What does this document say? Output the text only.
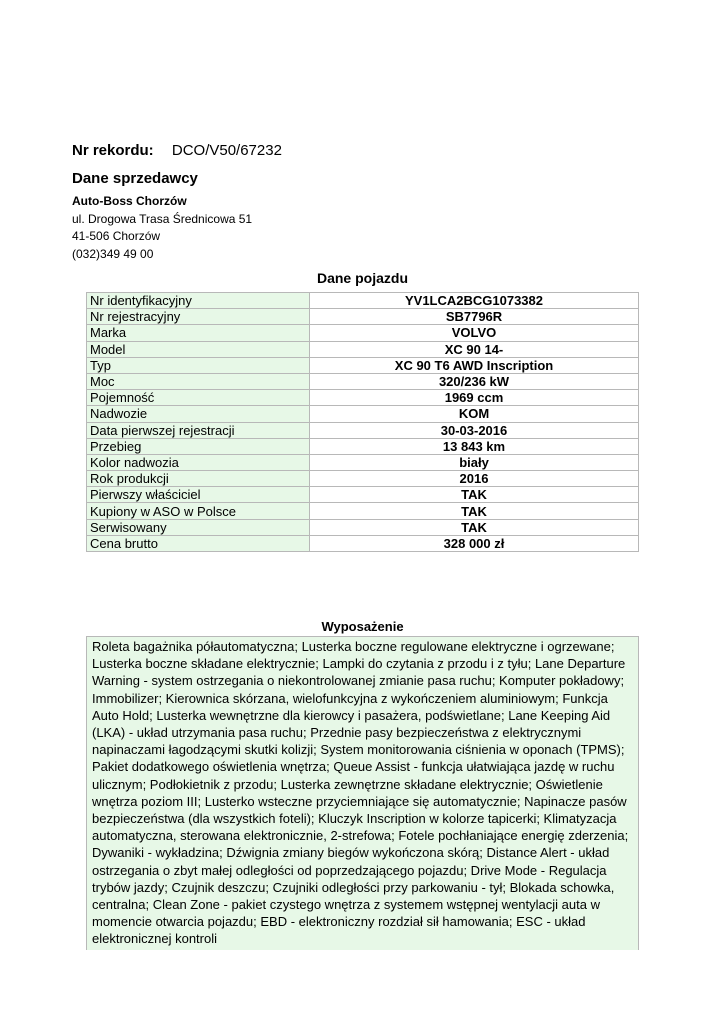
Nr rekordu: DCO/V50/67232
Dane sprzedawcy
Auto-Boss Chorzów
ul. Drogowa Trasa Średnicowa 51
41-506 Chorzów
(032)349 49 00
Dane pojazdu
Nr identyfikacyjny	YV1LCA2BCG1073382
Nr rejestracyjny	SB7796R
Marka	VOLVO
Model	XC 90 14-
Typ	XC 90 T6 AWD Inscription
Moc	320/236 kW
Pojemność	1969 ccm
Nadwozie	KOM
Data pierwszej rejestracji	30-03-2016
Przebieg	13 843 km
Kolor nadwozia	biały
Rok produkcji	2016
Pierwszy właściciel	TAK
Kupiony w ASO w Polsce	TAK
Serwisowany	TAK
Cena brutto	328 000 zł
Wyposażenie
Roleta bagażnika półautomatyczna; Lusterka boczne regulowane elektryczne i ogrzewane; Lusterka boczne składane elektrycznie; Lampki do czytania z przodu i z tyłu; Lane Departure Warning - system ostrzegania o niekontrolowanej zmianie pasa ruchu; Komputer pokładowy; Immobilizer; Kierownica skórzana, wielofunkcyjna z wykończeniem aluminiowym; Funkcja Auto Hold; Lusterka wewnętrzne dla kierowcy i pasażera, podświetlane; Lane Keeping Aid (LKA) - układ utrzymania pasa ruchu; Przednie pasy bezpieczeństwa z elektrycznymi napinaczami łagodzącymi skutki kolizji; System monitorowania ciśnienia w oponach (TPMS); Pakiet dodatkowego oświetlenia wnętrza; Queue Assist - funkcja ułatwiająca jazdę w ruchu ulicznym; Podłokietnik z przodu; Lusterka zewnętrzne składane elektrycznie; Oświetlenie wnętrza poziom III; Lusterko wsteczne przyciemniające się automatycznie; Napinacze pasów bezpieczeństwa (dla wszystkich foteli); Kluczyk Inscription w kolorze tapicerki; Klimatyzacja automatyczna, sterowana elektronicznie, 2-strefowa; Fotele pochłaniające energię zderzenia; Dywaniki - wykładzina; Dźwignia zmiany biegów wykończona skórą; Distance Alert - układ ostrzegania o zbyt małej odległości od poprzedzającego pojazdu; Drive Mode - Regulacja trybów jazdy; Czujnik deszczu; Czujniki odległości przy parkowaniu - tył; Blokada schowka, centralna; Clean Zone - pakiet czystego wnętrza z systemem wstępnej wentylacji auta w momencie otwarcia pojazdu; EBD - elektroniczny rozdział sił hamowania; ESC - układ elektronicznej kontroli
